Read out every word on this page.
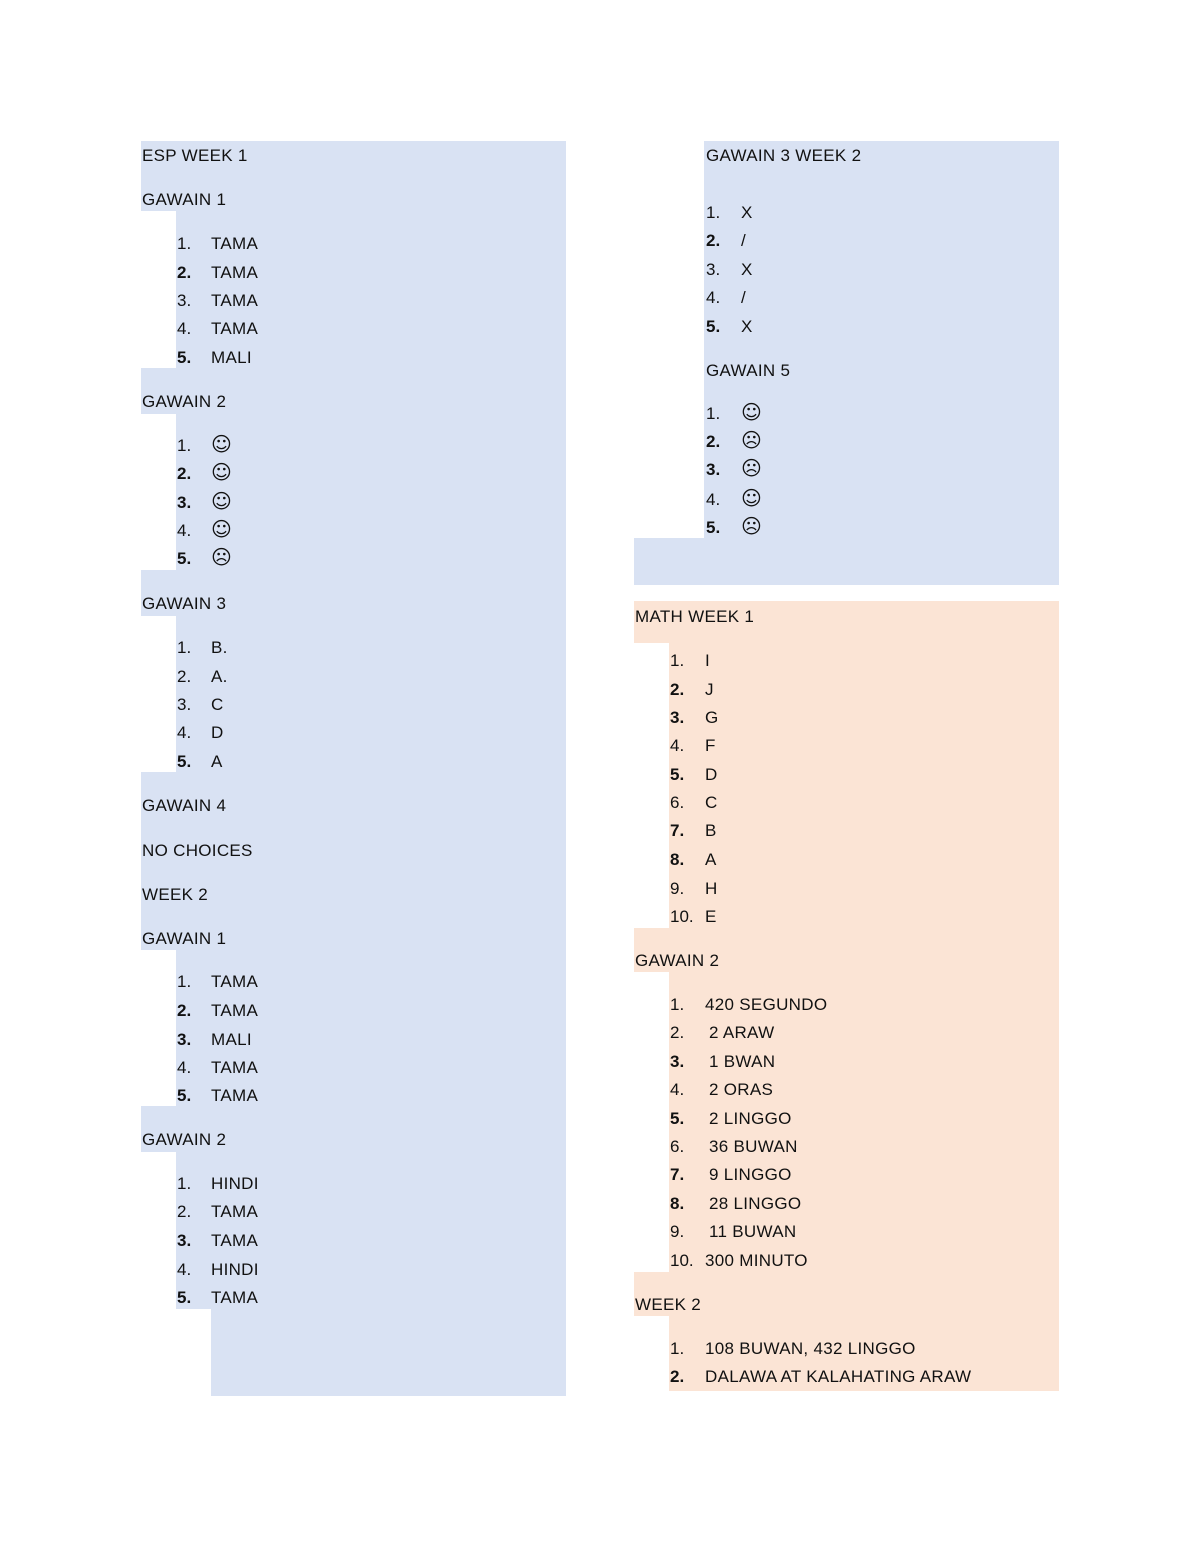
ESP WEEK 1
GAWAIN 1
1. TAMA
2. TAMA
3. TAMA
4. TAMA
5. MALI
GAWAIN 2
1. ☺
2. ☺
3. ☺
4. ☺
5. ☹
GAWAIN 3
1. B.
2. A.
3. C
4. D
5. A
GAWAIN 4
NO CHOICES
WEEK 2
GAWAIN 1
1. TAMA
2. TAMA
3. MALI
4. TAMA
5. TAMA
GAWAIN 2
1. HINDI
2. TAMA
3. TAMA
4. HINDI
5. TAMA
GAWAIN 3 WEEK 2
1. X
2. /
3. X
4. /
5. X
GAWAIN 5
1. ☺
2. ☹
3. ☹
4. ☺
5. ☹
MATH WEEK 1
1. I
2. J
3. G
4. F
5. D
6. C
7. B
8. A
9. H
10. E
GAWAIN 2
1. 420 SEGUNDO
2. 2 ARAW
3. 1 BWAN
4. 2 ORAS
5. 2 LINGGO
6. 36 BUWAN
7. 9 LINGGO
8. 28 LINGGO
9. 11 BUWAN
10. 300 MINUTO
WEEK 2
1. 108 BUWAN, 432 LINGGO
2. DALAWA AT KALAHATING ARAW
